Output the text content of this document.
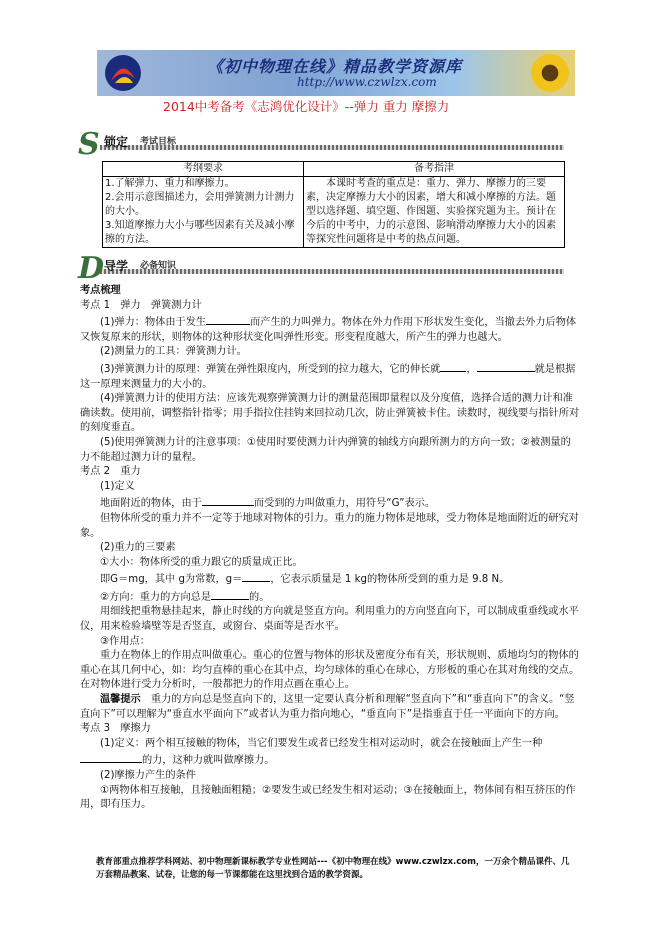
《初中物理在线》精品教学资源库
http://www.czwlzx.com
2014中考备考《志鸿优化设计》--弹力 重力 摩擦力
S 锁定 考试目标
考纲要求	备考指津
1.了解弹力、重力和摩擦力。
2.会用示意图描述力，会用弹簧测力计测力的大小。
3.知道摩擦力大小与哪些因素有关及减小摩擦的方法。	本课时考查的重点是：重力、弹力、摩擦力的三要素，决定摩擦力大小的因素，增大和减小摩擦的方法。题型以选择题、填空题、作图题、实验探究题为主。预计在今后的中考中，力的示意图、影响滑动摩擦力大小的因素等探究性问题将是中考的热点问题。
D 导学 必备知识

考点梳理

考点 1　弹力　弹簧测力计

(1)弹力：物体由于发生	而产生的力叫弹力。物体在外力作用下形状发生变化，当撤去外力后物体又恢复原来的形状，则物体的这种形状变化叫弹性形变。形变程度越大，所产生的弹力也越大。

(2)测量力的工具：弹簧测力计。

(3)弹簧测力计的原理：弹簧在弹性限度内，所受到的拉力越大，它的伸长就	，	就是根据这一原理来测量力的大小的。

(4)弹簧测力计的使用方法：应该先观察弹簧测力计的测量范围即量程以及分度值，选择合适的测力计和准确读数。使用前，调整指针指零；用手指拉住挂钩来回拉动几次，防止弹簧被卡住。读数时，视线要与指针所对的刻度垂直。

(5)使用弹簧测力计的注意事项：①使用时要使测力计内弹簧的轴线方向跟所测力的方向一致；②被测量的力不能超过测力计的量程。

考点 2　重力

(1)定义

地面附近的物体，由于	而受到的力叫做重力，用符号“G”表示。

但物体所受的重力并不一定等于地球对物体的引力。重力的施力物体是地球，受力物体是地面附近的研究对象。

(2)重力的三要素

①大小：物体所受的重力跟它的质量成正比。

即G＝mg，其中 g为常数，g＝	，它表示质量是 1 kg的物体所受到的重力是 9.8 N。

②方向：重力的方向总是	的。

用细线把重物悬挂起来，静止时线的方向就是竖直方向。利用重力的方向竖直向下，可以制成重垂线或水平仪，用来检验墙壁等是否竖直，或窗台、桌面等是否水平。

③作用点：

重力在物体上的作用点叫做重心。重心的位置与物体的形状及密度分布有关，形状规则、质地均匀的物体的重心在其几何中心，如：均匀直棒的重心在其中点，均匀球体的重心在球心，方形板的重心在其对角线的交点。在对物体进行受力分析时，一般都把力的作用点画在重心上。

温馨提示　重力的方向总是竖直向下的，这里一定要认真分析和理解“竖直向下”和“垂直向下”的含义。“竖直向下”可以理解为“垂直水平面向下”或者认为重力指向地心，“垂直向下”是指垂直于任一平面向下的方向。

考点 3　摩擦力

(1)定义：两个相互接触的物体，当它们要发生或者已经发生相对运动时，就会在接触面上产生一种的力，这种力就叫做摩擦力。

(2)摩擦力产生的条件

①两物体相互接触，且接触面粗糙；②要发生或已经发生相对运动；③在接触面上，物体间有相互挤压的作用，即有压力。

教育部重点推荐学科网站、初中物理新课标教学专业性网站---《初中物理在线》www.czwlzx.com，一万余个精品课件、几万套精品教案、试卷，让您的每一节课都能在这里找到合适的教学资源。
